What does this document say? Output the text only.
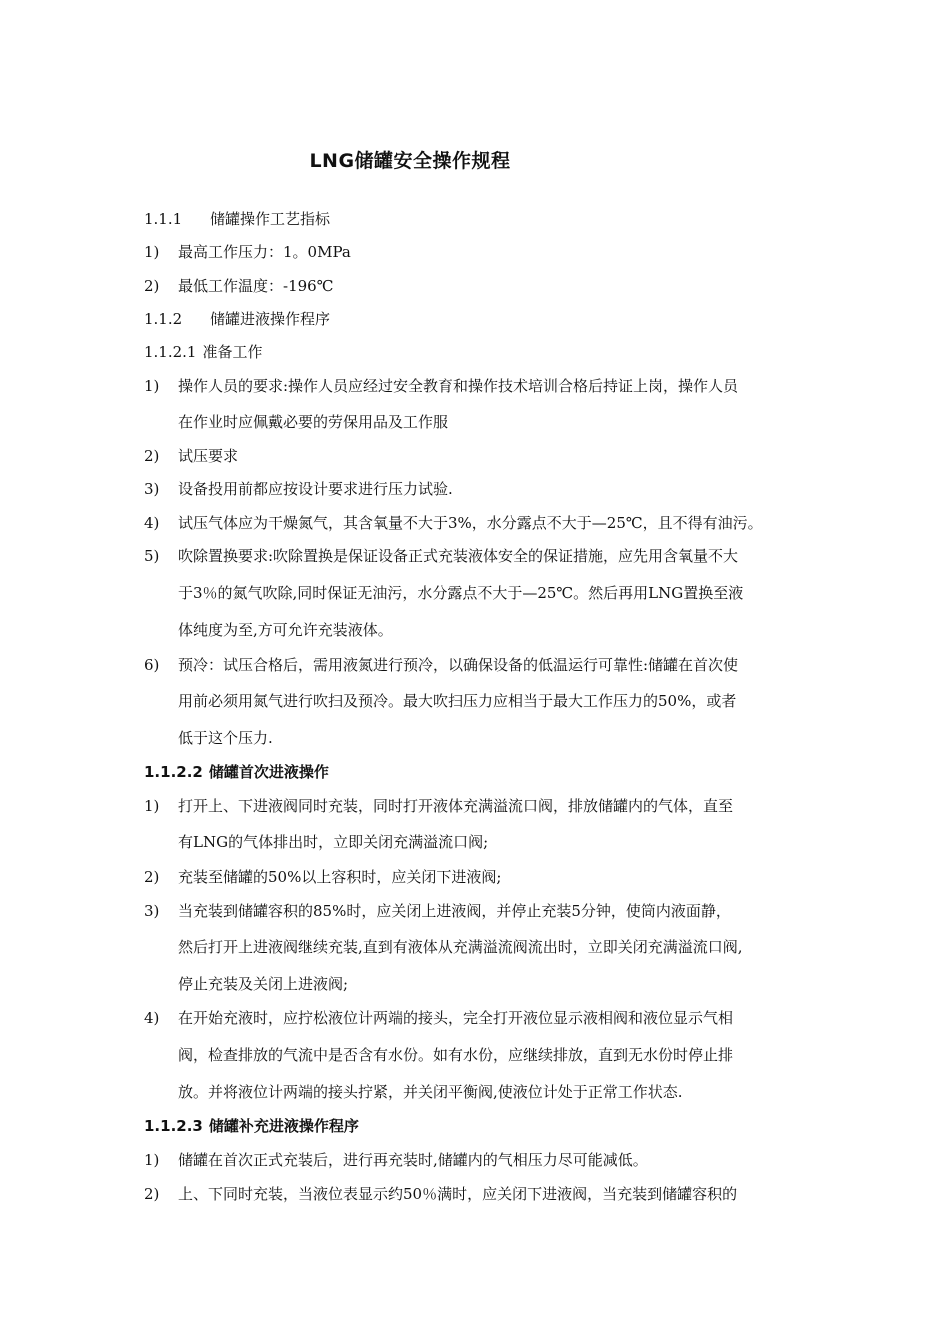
LNG储罐安全操作规程
1.1.1 储罐操作工艺指标
1) 最高工作压力：1。0MPa
2) 最低工作温度：-196℃
1.1.2 储罐进液操作程序
1.1.2.1 准备工作
1) 操作人员的要求:操作人员应经过安全教育和操作技术培训合格后持证上岗，操作人员
在作业时应佩戴必要的劳保用品及工作服
2) 试压要求
3) 设备投用前都应按设计要求进行压力试验.
4) 试压气体应为干燥氮气，其含氧量不大于3%，水分露点不大于—25℃，且不得有油污。
5) 吹除置换要求:吹除置换是保证设备正式充装液体安全的保证措施，应先用含氧量不大
于3％的氮气吹除,同时保证无油污，水分露点不大于—25℃。然后再用LNG置换至液
体纯度为至,方可允许充装液体。
6) 预冷：试压合格后，需用液氮进行预冷，以确保设备的低温运行可靠性:储罐在首次使
用前必须用氮气进行吹扫及预冷。最大吹扫压力应相当于最大工作压力的50%，或者
低于这个压力.
1.1.2.2 储罐首次进液操作
1) 打开上、下进液阀同时充装，同时打开液体充满溢流口阀，排放储罐内的气体，直至
有LNG的气体排出时，立即关闭充满溢流口阀;
2) 充装至储罐的50%以上容积时，应关闭下进液阀;
3) 当充装到储罐容积的85%时，应关闭上进液阀，并停止充装5分钟，使筒内液面静，
然后打开上进液阀继续充装,直到有液体从充满溢流阀流出时，立即关闭充满溢流口阀,
停止充装及关闭上进液阀;
4) 在开始充液时，应拧松液位计两端的接头，完全打开液位显示液相阀和液位显示气相
阀，检查排放的气流中是否含有水份。如有水份，应继续排放，直到无水份时停止排
放。并将液位计两端的接头拧紧，并关闭平衡阀,使液位计处于正常工作状态.
1.1.2.3 储罐补充进液操作程序
1) 储罐在首次正式充装后，进行再充装时,储罐内的气相压力尽可能减低。
2) 上、下同时充装，当液位表显示约50％满时，应关闭下进液阀，当充装到储罐容积的
